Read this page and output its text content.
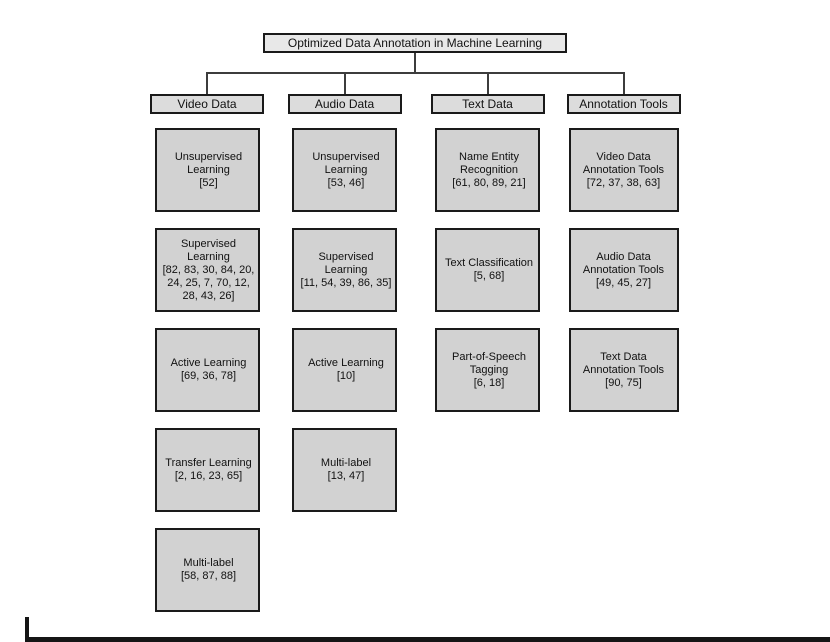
Optimized Data Annotation in Machine Learning
Video Data
Unsupervised Learning
[52]
Supervised Learning
[82, 83, 30, 84, 20, 24, 25, 7, 70, 12, 28, 43, 26]
Active Learning
[69, 36, 78]
Transfer Learning
[2, 16, 23, 65]
Multi-label
[58, 87, 88]
Audio Data
Unsupervised Learning
[53, 46]
Supervised Learning
[11, 54, 39, 86, 35]
Active Learning
[10]
Multi-label
[13, 47]
Text Data
Name Entity Recognition
[61, 80, 89, 21]
Text Classification
[5, 68]
Part-of-Speech Tagging
[6, 18]
Annotation Tools
Video Data Annotation Tools
[72, 37, 38, 63]
Audio Data Annotation Tools
[49, 45, 27]
Text Data Annotation Tools
[90, 75]
